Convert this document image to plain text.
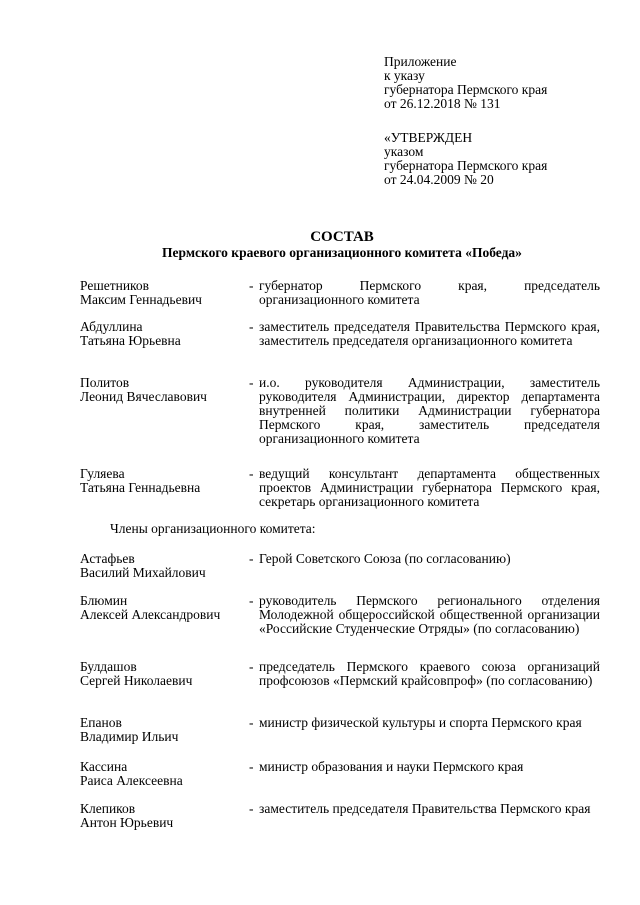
Приложение
к указу
губернатора Пермского края
от 26.12.2018 № 131
«УТВЕРЖДЕН
указом
губернатора Пермского края
от 24.04.2009 № 20
СОСТАВ
Пермского краевого организационного комитета «Победа»
Решетников
Максим Геннадьевич
- губернатор Пермского края, председатель организационного комитета
Абдуллина
Татьяна Юрьевна
- заместитель председателя Правительства Пермского края, заместитель председателя организационного комитета
Политов
Леонид Вячеславович
- и.о. руководителя Администрации, заместитель руководителя Администрации, директор департамента внутренней политики Администрации губернатора Пермского края, заместитель председателя организационного комитета
Гуляева
Татьяна Геннадьевна
- ведущий консультант департамента общественных проектов Администрации губернатора Пермского края, секретарь организационного комитета
Члены организационного комитета:
Астафьев
Василий Михайлович
- Герой Советского Союза (по согласованию)
Блюмин
Алексей Александрович
- руководитель Пермского регионального отделения Молодежной общероссийской общественной организации «Российские Студенческие Отряды» (по согласованию)
Булдашов
Сергей Николаевич
- председатель Пермского краевого союза организаций профсоюзов «Пермский крайсовпроф» (по согласованию)
Епанов
Владимир Ильич
- министр физической культуры и спорта Пермского края
Кассина
Раиса Алексеевна
- министр образования и науки Пермского края
Клепиков
Антон Юрьевич
- заместитель председателя Правительства Пермского края
